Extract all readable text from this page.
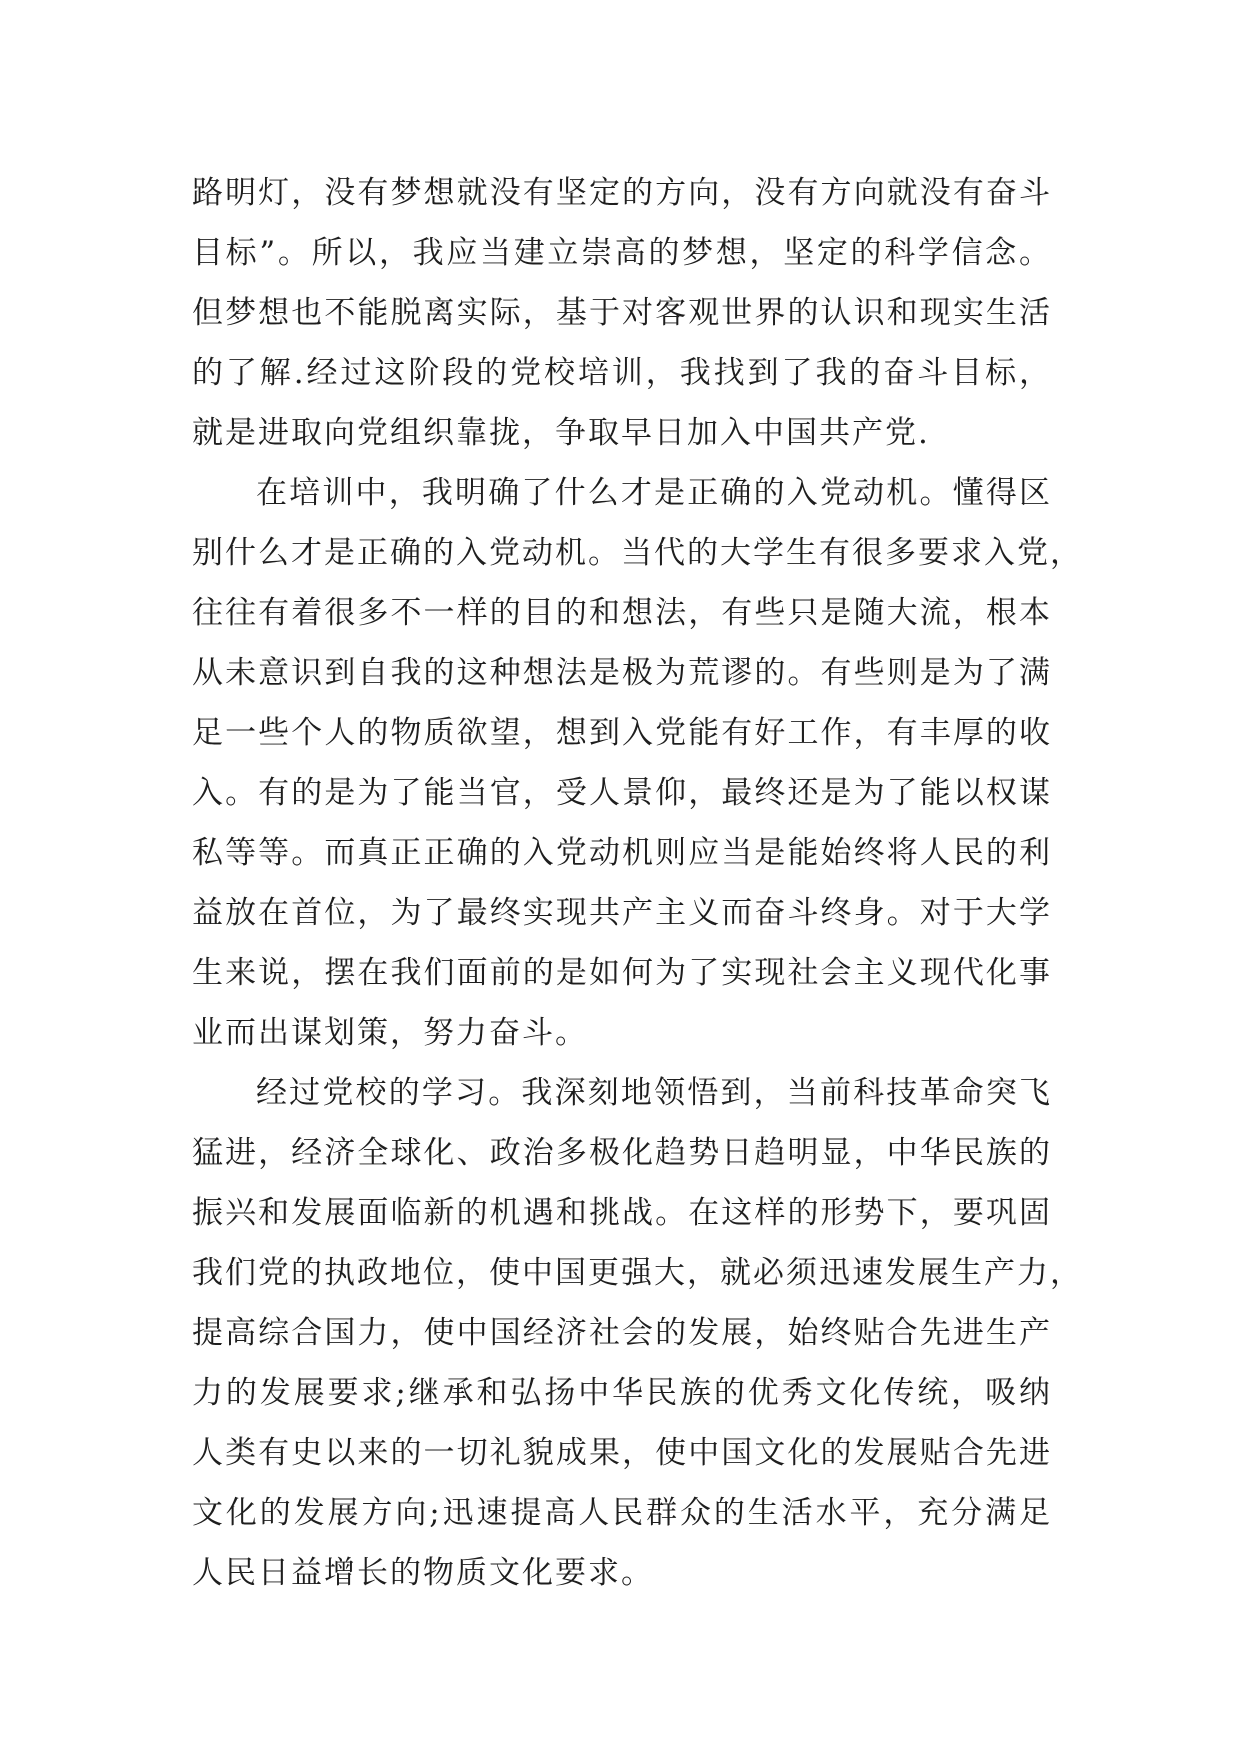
路明灯，没有梦想就没有坚定的方向，没有方向就没有奋斗
目标”。所以，我应当建立崇高的梦想，坚定的科学信念。
但梦想也不能脱离实际，基于对客观世界的认识和现实生活
的了解.经过这阶段的党校培训，我找到了我的奋斗目标，
就是进取向党组织靠拢，争取早日加入中国共产党.
在培训中，我明确了什么才是正确的入党动机。懂得区
别什么才是正确的入党动机。当代的大学生有很多要求入党，
往往有着很多不一样的目的和想法，有些只是随大流，根本
从未意识到自我的这种想法是极为荒谬的。有些则是为了满
足一些个人的物质欲望，想到入党能有好工作，有丰厚的收
入。有的是为了能当官，受人景仰，最终还是为了能以权谋
私等等。而真正正确的入党动机则应当是能始终将人民的利
益放在首位，为了最终实现共产主义而奋斗终身。对于大学
生来说，摆在我们面前的是如何为了实现社会主义现代化事
业而出谋划策，努力奋斗。
经过党校的学习。我深刻地领悟到，当前科技革命突飞
猛进，经济全球化、政治多极化趋势日趋明显，中华民族的
振兴和发展面临新的机遇和挑战。在这样的形势下，要巩固
我们党的执政地位，使中国更强大，就必须迅速发展生产力，
提高综合国力，使中国经济社会的发展，始终贴合先进生产
力的发展要求;继承和弘扬中华民族的优秀文化传统，吸纳
人类有史以来的一切礼貌成果，使中国文化的发展贴合先进
文化的发展方向;迅速提高人民群众的生活水平，充分满足
人民日益增长的物质文化要求。
